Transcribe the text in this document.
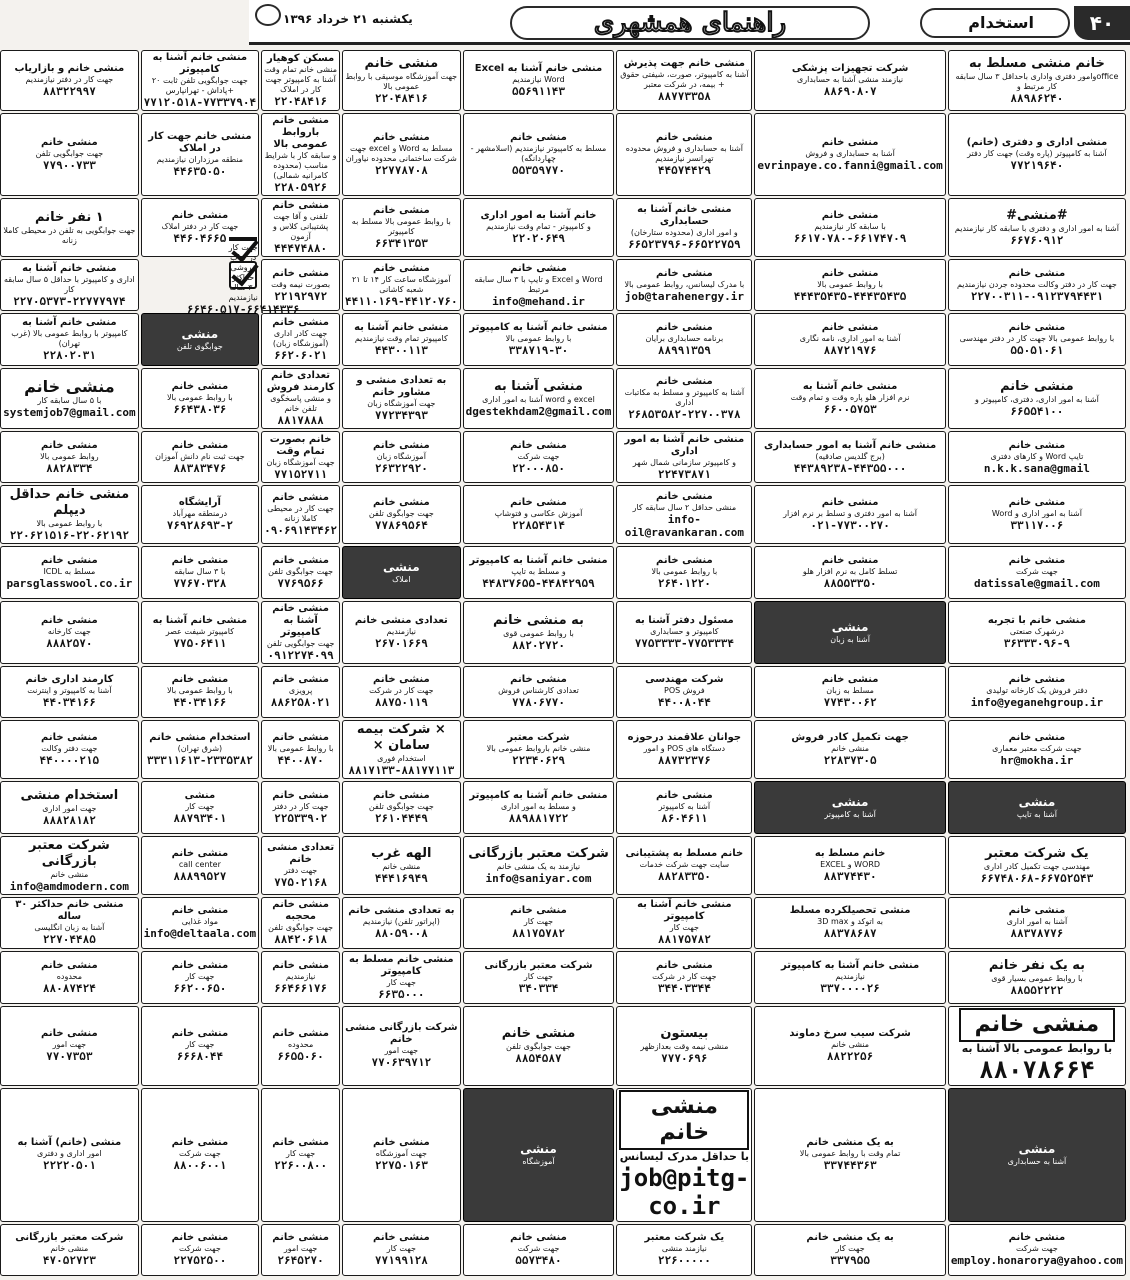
۴۰
استخدام
راهنمای همشهری
یکشنبه ۲۱ خرداد ۱۳۹۶
خانم منشی مسلط به
officeوامور دفتری واداری باحداقل ۳ سال سابقه کار مرتبط و
۸۸۹۸۶۲۴۰
شرکت تجهیزات پزشکی
نیازمند منشی آشنا به حسابداری
۸۸۶۹۰۸۰۷
منشی خانم جهت پذیرش
آشنا به کامپیوتر، صورت، شیفتی حقوق + بیمه، در شرکت معتبر
۸۸۷۷۳۳۵۸
منشی خانم آشنا به Excel
Word نیازمندیم
۵۵۶۹۱۱۴۳
منشی خانم
جهت آموزشگاه موسیقی با روابط عمومی بالا
۲۲۰۴۸۴۱۶
مسکن کوهیار
منشی خانم تمام وقت آشنا به کامپیوتر جهت کار در املاک
۲۲۰۴۸۴۱۶
منشی خانم آشنا به کامپیوتر
جهت جوابگویی تلفن ثابت ۲۰ +پاداش - تهرانپارس
۷۷۱۲۰۵۱۸-۷۷۳۳۷۹۰۴
منشی خانم و بازاریاب
جهت کار در دفتر نیازمندیم
۸۸۳۲۲۹۹۷
منشی اداری و دفتری (خانم)
آشنا به کامپیوتر (پاره وقت) جهت کار دفتر
۷۷۲۱۹۶۴۰
منشی خانم
آشنا به حسابداری و فروش
evrinpaye.co.fanni@gmail.com
منشی خانم
آشنا به حسابداری و فروش محدوده تهرانسر نیازمندیم
۴۴۵۷۴۴۲۹
منشی خانم
مسلط به کامپیوتر نیازمندیم (اسلامشهر - چهاردانگه)
۵۵۳۵۹۷۷۰
منشی خانم
مسلط به Word و excel جهت شرکت ساختمانی محدوده نیاوران
۲۲۷۷۸۷۰۸
منشی خانم باروابط عمومی بالا
و سابقه کار با شرایط مناسب (محدوده کامرانیه شمالی)
۲۲۸۰۵۹۲۶
منشی خانم جهت کار در املاک
منطقه مرزداران نیازمندیم
۴۴۶۳۵۰۵۰
منشی خانم
جهت جوابگویی تلفن
۷۷۹۰۰۷۳۳
#منشی#
آشنا به امور اداری و دفتری با سابقه کار نیازمندیم
۶۶۷۶۰۹۱۲
منشی خانم
با سابقه کار نیازمندیم
۶۶۱۷۰۷۸۰-۶۶۱۷۴۷۰۹
منشی خانم آشنا به حسابداری
و امور اداری (محدوده ستارخان)
۶۶۵۲۳۷۹۶-۶۶۵۲۲۷۵۹
خانم آشنا به امور اداری
و کامپیوتر - تمام وقت نیازمندیم
۲۲۰۲۰۶۴۹
منشی خانم
با روابط عمومی بالا مسلط به کامپیوتر
۶۶۳۴۱۳۵۳
منشی خانم
تلفنی و آقا جهت پشتیبانی کلاس و آزمون
۴۴۴۷۴۸۸۰
منشی خانم
جهت کار در دفتر املاک
۴۴۶۰۴۶۶۵
۱ نفر خانم
جهت جوابگویی به تلفن در محیطی کاملا زنانه
منشی خانم
جهت کار در دفتر وکالت محدوده جردن نیازمندیم
۲۲۷۰۰۳۱۱-۰۹۱۲۳۷۹۴۴۳۱
منشی خانم
با روابط عمومی بالا
۴۴۴۳۵۴۳۵-۴۴۴۳۵۴۳۵
منشی خانم
با مدرک لیسانس، روابط عمومی بالا
job@tarahenergy.ir
منشی خانم
Word و Excel و تایپ با ۳ سال سابقه مرتبط
info@mehand.ir
منشی خانم
آموزشگاه ساعت کار ۱۴ تا ۲۱ شعبه کاشانی
۴۴۱۱۰۱۶۹-۴۴۱۲۰۷۶۰
منشی خانم
بصورت نیمه وقت
۲۲۱۹۲۹۷۲
جهت کار در کتاب فروشی حداکثر ۳۰ ساله نیازمندیم
۶۶۴۶۰۵۱۷-۶۶۴۱۴۳۳۶
منشی خانم آشنا به
اداری و کامپیوتر با حداقل ۵ سال سابقه کار
۲۲۷۰۵۳۷۳-۲۲۷۷۷۹۷۴
منشی خانم
با روابط عمومی بالا جهت کار در دفتر مهندسی
۵۵۰۵۱۰۶۱
منشی خانم
آشنا به امور اداری، نامه نگاری
۸۸۷۲۱۹۷۶
منشی خانم
برنامه حسابداری برایان
۸۸۹۹۱۳۵۹
منشی خانم آشنا به کامپیوتر
با روابط عمومی بالا
۳۳۸۷۱۹-۳۰
منشی خانم آشنا به
کامپیوتر تمام وقت نیازمندیم
۴۴۳۰۰۱۱۳
منشی خانم
جهت کادر اداری (آموزشگاه زبان)
۶۶۲۰۶۰۲۱
منشی
جوابگوی تلفن
منشی خانم آشنا به
کامپیوتر با روابط عمومی بالا (غرب تهران)
۲۲۸۰۲۰۳۱
منشی خانم
آشنا به امور اداری، دفتری، کامپیوتر و
۶۶۵۵۴۱۰۰
منشی خانم آشنا به
نرم افزار هلو پاره وقت و تمام وقت
۶۶۰۰۵۷۵۳
منشی خانم
آشنا به کامپیوتر و مسلط به مکاتبات اداری
۲۶۸۵۳۵۸۲-۲۲۷۰۰۳۷۸
منشی آشنا به
excel و word آشنا به امور اداری
dgestekhdam2@gmail.com
به تعدادی منشی و مشاور خانم
جهت آموزشگاه زبان
۷۷۲۳۴۳۹۳
تعدادی خانم کارمند فروش
و منشی پاسخگوی تلفن خانم
۸۸۱۷۸۸۸
منشی خانم
با روابط عمومی بالا
۶۶۴۳۸۰۳۶
منشی خانم
با ۵ سال سابقه کار
systemjob7@gmail.com
منشی خانم
تایپ Word و کارهای دفتری
n.k.k.sana@gmail
منشی خانم آشنا به امور حسابداری
(برج گلدیس صادقیه)
۴۴۳۸۹۲۳۸-۴۴۳۵۵۰۰۰
منشی خانم آشنا به امور اداری
و کامپیوتر سازمانی شمال شهر
۲۲۴۷۳۸۷۱
منشی خانم
جهت شرکت
۲۲۰۰۰۸۵۰
منشی خانم
آموزشگاه زبان
۲۶۳۲۲۹۲۰
خانم بصورت تمام وقت
جهت آموزشگاه زبان
۷۷۱۵۲۷۱۱
منشی خانم
جهت ثبت نام دانش آموزان
۸۸۳۸۳۴۷۶
منشی خانم
روابط عمومی بالا
۸۸۲۸۳۳۴
منشی خانم
آشنا به امور اداری و Word
۳۳۱۱۷۰۰۶
منشی خانم
آشنا به امور دفتری و تسلط بر نرم افزار
۰۲۱-۷۷۳۰۰۲۷۰
منشی خانم
منشی حداقل ۲ سال سابقه کار
info-oil@ravankaran.com
منشی خانم
آموزش عکاسی و فتوشاپ
۲۲۸۵۴۳۱۴
منشی خانم
جهت جوابگوی تلفن
۷۷۸۶۹۵۶۴
منشی خانم
جهت کار در محیطی کاملا زنانه
۰۹۰۶۹۱۴۳۴۶۲
آرایشگاه
درمنطقه مهرآباد
۷۶۹۲۸۶۹۳-۲
منشی خانم حداقل دیپلم
با روابط عمومی بالا
۲۲۰۶۲۱۵۱۶-۲۲۰۶۲۱۹۲
منشی خانم
جهت شرکت
datissale@gmail.com
منشی خانم
تسلط کامل به نرم افزار هلو
۸۸۵۵۳۳۵۰
منشی خانم
با روابط عمومی بالا
۲۶۴۰۱۲۲۰
منشی خانم آشنا به کامپیوتر
و مسلط به تایپ
۴۴۸۳۷۶۵۵-۴۴۸۴۲۹۵۹
منشی
املاک
منشی خانم
جهت جوابگوی تلفن
۷۷۶۹۵۶۶
منشی خانم
با ۳ سال سابقه
۷۷۶۷۰۳۲۸
منشی خانم
مسلط به ICDL
parsglasswool.co.ir
منشی خانم با تجربه
درشهرک صنعتی
۳۶۳۳۳۰۹۶-۹
منشی
آشنا به زبان
مسئول دفتر آشنا به
کامپیوتر و حسابداری
۷۷۵۳۳۳۳-۷۷۵۳۳۳۴
به منشی خانم
با روابط عمومی قوی
۸۸۲۰۲۷۲۰
تعدادی منشی خانم
نیازمندیم
۲۶۷۰۱۶۶۹
منشی خانم آشنا به کامپیوتر
جهت جوابگویی تلفن
۰۹۱۲۲۷۴۰۹۹
منشی خانم آشنا به
کامپیوتر شیفت عصر
۷۷۵۰۶۴۱۱
منشی خانم
جهت کارخانه
۸۸۸۲۵۷۰
منشی خانم
دفتر فروش یک کارخانه تولیدی
info@yeganehgroup.ir
منشی خانم
مسلط به زبان
۷۷۴۳۰۰۶۲
شرکت مهندسی
فروش POS
۴۴۰۰۸۰۴۴
منشی خانم
تعدادی کارشناس فروش
۷۷۸۰۶۷۷۰
منشی خانم
جهت کار در شرکت
۸۸۷۵۰۱۱۹
منشی خانم
پرویزی
۸۸۶۲۵۸۰۲۱
منشی خانم
با روابط عمومی بالا
۴۴۰۳۴۱۶۶
کارمند اداری خانم
آشنا به کامپیوتر و اینترنت
۴۴۰۳۴۱۶۶
منشی خانم
جهت شرکت معتبر معماری
hr@mokha.ir
جهت تکمیل کادر فروش
منشی خانم
۲۲۸۳۷۳۰۵
جوانان علاقمند درحوزه
دستگاه های POS و امور
۸۸۷۳۲۳۷۶
شرکت معتبر
منشی خانم باروابط عمومی بالا
۲۲۳۴۰۶۲۹
× شرکت بیمه سامان ×
استخدام فوری
۸۸۱۷۱۳۳-۸۸۱۷۷۱۱۳
منشی خانم
با روابط عمومی بالا
۴۴۰۰۸۷۰
استخدام منشی خانم
(شرق تهران)
۳۳۳۱۱۶۱۳-۲۳۳۵۳۸۲
منشی خانم
جهت دفتر وکالت
۴۴۰۰۰۰۲۱۵
منشی
آشنا به تایپ
منشی
آشنا به کامپیوتر
منشی خانم
آشنا به کامپیوتر
۸۶۰۴۶۱۱
منشی خانم آشنا به کامپیوتر
و مسلط به امور اداری
۸۸۹۸۸۱۷۲۲
منشی خانم
جهت جوابگوی تلفن
۲۶۱۰۴۴۴۹
منشی خانم
جهت کار در دفتر
۲۲۵۳۳۹۰۲
منشی
جهت کار
۸۸۷۹۳۴۰۱
استخدام منشی
جهت امور اداری
۸۸۸۲۸۱۸۲
یک شرکت معتبر
مهندسی جهت تکمیل کادر اداری
۶۶۷۴۸۰۶۸-۶۶۷۵۲۵۴۳
خانم مسلط به
WORD و EXCEL
۸۸۳۷۴۴۳۰
خانم مسلط به پشتیبانی
سایت جهت شرکت خدمات
۸۸۲۸۳۳۵۰
شرکت معتبر بازرگانی
نیازمند به یک منشی خانم
info@saniyar.com
الهه غرب
منشی خانم
۴۴۴۱۶۹۴۹
تعدادی منشی خانم
جهت دفتر
۷۷۵۰۲۱۶۸
منشی خانم
call center
۸۸۸۹۹۵۲۷
شرکت معتبر بازرگانی
منشی خانم
info@amdmodern.com
منشی خانم
آشنا به امور اداری
۸۸۳۷۸۷۷۶
منشی تحصیلکرده مسلط
به اتوکد و 3D max
۸۸۳۷۸۶۸۷
منشی خانم آشنا به کامپیوتر
جهت کار
۸۸۱۷۵۷۸۲
منشی خانم
جهت کار
۸۸۱۷۵۷۸۲
به تعدادی منشی خانم
(اپراتور تلفن) نیازمندیم
۸۸۰۵۹۰۰۸
منشی خانم محجبه
جهت جوابگوی تلفن
۸۸۴۲۰۶۱۸
منشی خانم
مواد غذایی
info@deltaala.com
منشی خانم حداکثر ۳۰ ساله
آشنا به زبان انگلیسی
۲۲۷۰۴۴۸۵
به یک نفر خانم
با روابط عمومی بسیار قوی
۸۸۵۵۲۲۲۲
منشی خانم آشنا به کامپیوتر
نیازمندیم
۳۳۷۰۰۰۰۲۶
منشی خانم
جهت کار در شرکت
۳۴۴۰۳۳۴۴
شرکت معتبر بازرگانی
جهت کار
۳۴۰۳۳۴
منشی خانم مسلط به کامپیوتر
جهت کار
۶۶۳۵۰۰۰
منشی خانم
نیازمندیم
۶۶۴۶۶۱۷۶
منشی خانم
جهت کار
۶۶۲۰۰۶۵۰
منشی خانم
محدوده
۸۸۰۸۷۴۲۴
منشی خانم
با روابط عمومی بالا آشنا به
۸۸۰۷۸۶۶۴
شرکت سیب سرخ دماوند
منشی خانم
۸۸۲۲۲۵۶
بیستون
منشی نیمه وقت بعدازظهر
۷۷۷۰۶۹۶
منشی خانم
جهت جوابگوی تلفن
۸۸۵۴۵۸۷
شرکت بازرگانی منشی خانم
جهت امور
۷۷۰۶۳۹۷۱۲
منشی خانم
محدوده
۶۶۵۵۰۶۰
منشی خانم
جهت کار
۶۶۶۸۰۴۴
منشی خانم
جهت امور
۷۷۰۷۳۵۳
منشی
آشنا به حسابداری
به یک منشی خانم
تمام وقت با روابط عمومی بالا
۳۳۷۴۴۳۶۳
منشی خانم
با حداقل مدرک لیسانس
job@pitg-co.ir
منشی
آموزشگاه
منشی خانم
جهت آموزشگاه
۲۲۷۵۰۱۶۳
منشی خانم
جهت کار
۲۲۶۰۰۸۰۰
منشی خانم
جهت شرکت
۸۸۰۰۶۰۰۱
منشی (خانم) آشنا به
امور اداری و دفتری
۲۲۲۲۰۵۰۱
منشی خانم
جهت شرکت
employ.honarorya@yahoo.com
به یک منشی خانم
جهت کار
۳۳۷۹۵۵
یک شرکت معتبر
نیازمند منشی
۲۲۶۰۰۰۰۰
منشی خانم
جهت شرکت
۵۵۷۳۴۸۰
منشی خانم
جهت کار
۷۷۱۹۹۱۲۸
منشی خانم
جهت امور
۲۶۴۵۲۷۰
منشی خانم
جهت شرکت
۲۲۷۵۲۵۰۰
شرکت معتبر بازرگانی
منشی خانم
۴۷۰۵۲۷۲۳
